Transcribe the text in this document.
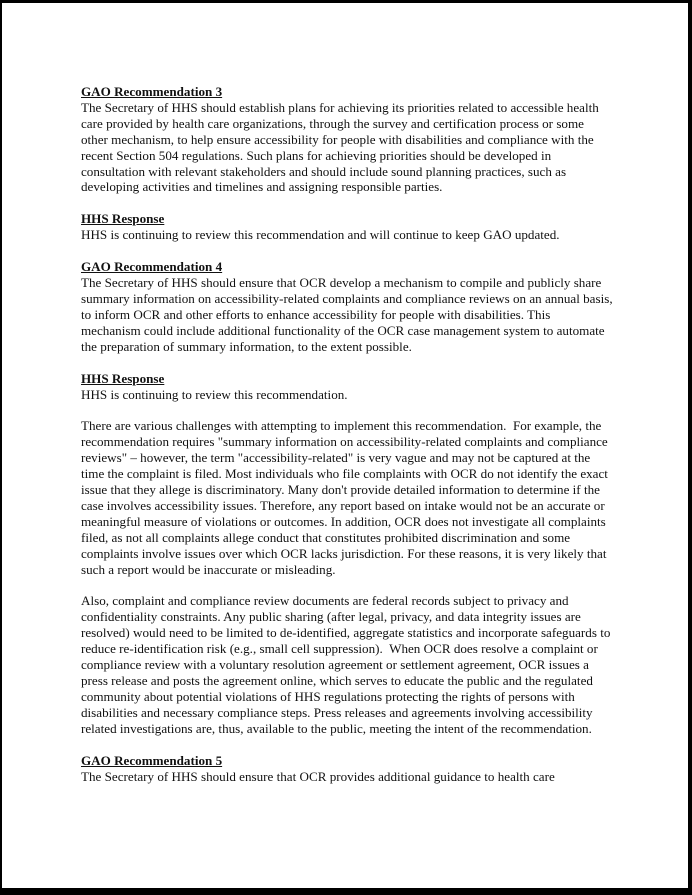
GAO Recommendation 3
The Secretary of HHS should establish plans for achieving its priorities related to accessible health care provided by health care organizations, through the survey and certification process or some other mechanism, to help ensure accessibility for people with disabilities and compliance with the recent Section 504 regulations. Such plans for achieving priorities should be developed in consultation with relevant stakeholders and should include sound planning practices, such as developing activities and timelines and assigning responsible parties.
HHS Response
HHS is continuing to review this recommendation and will continue to keep GAO updated.
GAO Recommendation 4
The Secretary of HHS should ensure that OCR develop a mechanism to compile and publicly share summary information on accessibility-related complaints and compliance reviews on an annual basis, to inform OCR and other efforts to enhance accessibility for people with disabilities. This mechanism could include additional functionality of the OCR case management system to automate the preparation of summary information, to the extent possible.
HHS Response
HHS is continuing to review this recommendation.
There are various challenges with attempting to implement this recommendation.  For example, the recommendation requires "summary information on accessibility-related complaints and compliance reviews" – however, the term "accessibility-related" is very vague and may not be captured at the time the complaint is filed. Most individuals who file complaints with OCR do not identify the exact issue that they allege is discriminatory. Many don't provide detailed information to determine if the case involves accessibility issues. Therefore, any report based on intake would not be an accurate or meaningful measure of violations or outcomes. In addition, OCR does not investigate all complaints filed, as not all complaints allege conduct that constitutes prohibited discrimination and some complaints involve issues over which OCR lacks jurisdiction. For these reasons, it is very likely that such a report would be inaccurate or misleading.
Also, complaint and compliance review documents are federal records subject to privacy and confidentiality constraints. Any public sharing (after legal, privacy, and data integrity issues are resolved) would need to be limited to de-identified, aggregate statistics and incorporate safeguards to reduce re-identification risk (e.g., small cell suppression).  When OCR does resolve a complaint or compliance review with a voluntary resolution agreement or settlement agreement, OCR issues a press release and posts the agreement online, which serves to educate the public and the regulated community about potential violations of HHS regulations protecting the rights of persons with disabilities and necessary compliance steps. Press releases and agreements involving accessibility related investigations are, thus, available to the public, meeting the intent of the recommendation.
GAO Recommendation 5
The Secretary of HHS should ensure that OCR provides additional guidance to health care
